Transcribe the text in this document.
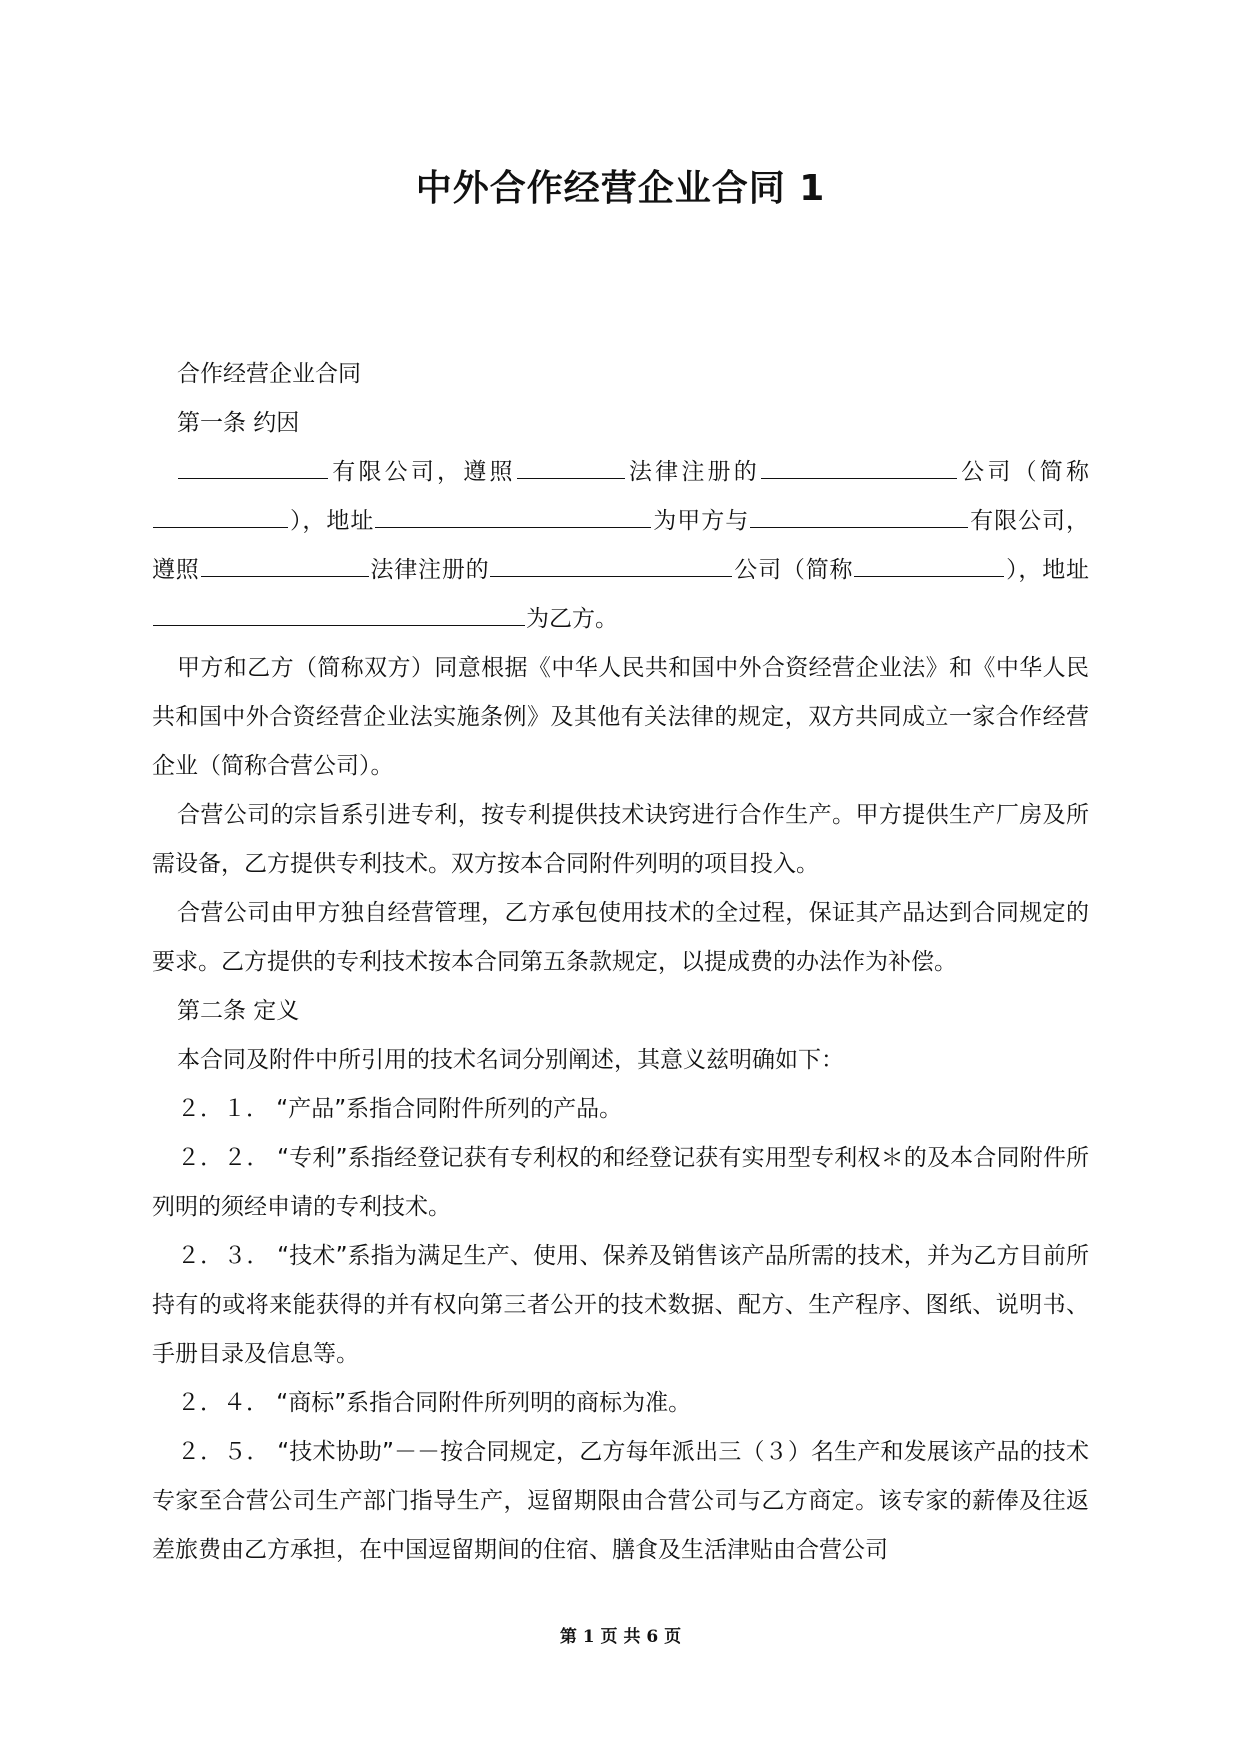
中外合作经营企业合同 1

合作经营企业合同

第一条 约因

有限公司，遵照	法律注册的	公司（简称），地址	为甲方与	有限公司，遵照	法律注册的	公司（简称	），地址为乙方。

甲方和乙方（简称双方）同意根据《中华人民共和国中外合资经营企业法》和《中华人民共和国中外合资经营企业法实施条例》及其他有关法律的规定，双方共同成立一家合作经营企业（简称合营公司）。

合营公司的宗旨系引进专利，按专利提供技术诀窍进行合作生产。甲方提供生产厂房及所需设备，乙方提供专利技术。双方按本合同附件列明的项目投入。

合营公司由甲方独自经营管理，乙方承包使用技术的全过程，保证其产品达到合同规定的要求。乙方提供的专利技术按本合同第五条款规定，以提成费的办法作为补偿。

第二条 定义

本合同及附件中所引用的技术名词分别阐述，其意义兹明确如下：

２．１． “产品”系指合同附件所列的产品。

２．２． “专利”系指经登记获有专利权的和经登记获有实用型专利权＊的及本合同附件所列明的须经申请的专利技术。

２．３． “技术”系指为满足生产、使用、保养及销售该产品所需的技术，并为乙方目前所持有的或将来能获得的并有权向第三者公开的技术数据、配方、生产程序、图纸、说明书、手册目录及信息等。

２．４． “商标”系指合同附件所列明的商标为准。

２．５． “技术协助”－－按合同规定，乙方每年派出三（３）名生产和发展该产品的技术专家至合营公司生产部门指导生产，逗留期限由合营公司与乙方商定。该专家的薪俸及往返差旅费由乙方承担，在中国逗留期间的住宿、膳食及生活津贴由合营公司

第 1 页 共 6 页
